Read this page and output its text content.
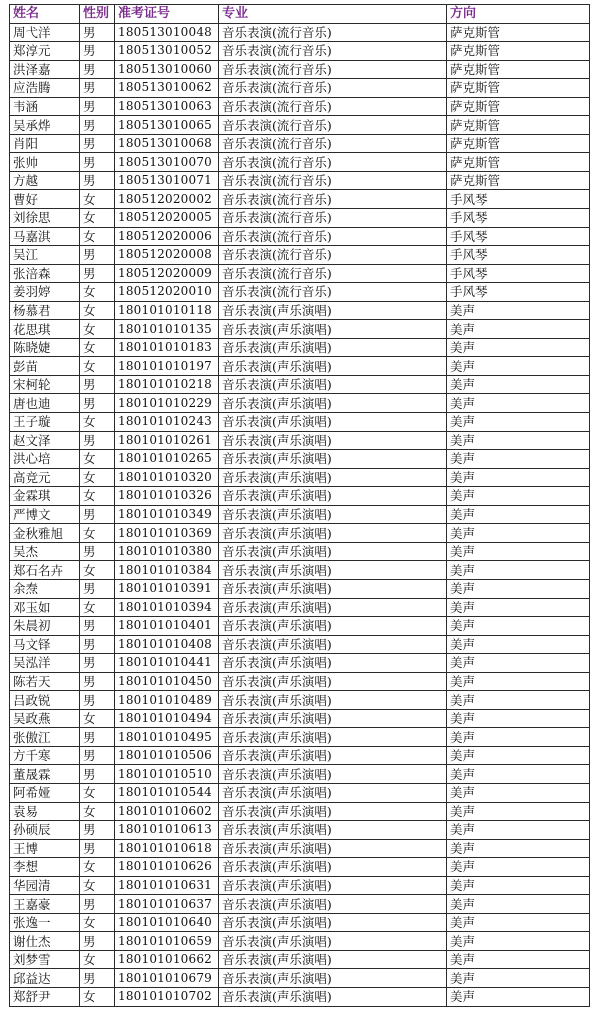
姓名	性别	准考证号	专业	方向
周弋洋	男	180513010048	音乐表演(流行音乐)	萨克斯管
郑淳元	男	180513010052	音乐表演(流行音乐)	萨克斯管
洪泽嘉	男	180513010060	音乐表演(流行音乐)	萨克斯管
应浩腾	男	180513010062	音乐表演(流行音乐)	萨克斯管
韦涵	男	180513010063	音乐表演(流行音乐)	萨克斯管
吴承烨	男	180513010065	音乐表演(流行音乐)	萨克斯管
肖阳	男	180513010068	音乐表演(流行音乐)	萨克斯管
张帅	男	180513010070	音乐表演(流行音乐)	萨克斯管
方越	男	180513010071	音乐表演(流行音乐)	萨克斯管
曹好	女	180512020002	音乐表演(流行音乐)	手风琴
刘徐思	女	180512020005	音乐表演(流行音乐)	手风琴
马嘉淇	女	180512020006	音乐表演(流行音乐)	手风琴
吴江	男	180512020008	音乐表演(流行音乐)	手风琴
张涪森	男	180512020009	音乐表演(流行音乐)	手风琴
姜羽婷	女	180512020010	音乐表演(流行音乐)	手风琴
杨慕君	女	180101010118	音乐表演(声乐演唱)	美声
花思琪	女	180101010135	音乐表演(声乐演唱)	美声
陈晓婕	女	180101010183	音乐表演(声乐演唱)	美声
彭苗	女	180101010197	音乐表演(声乐演唱)	美声
宋柯轮	男	180101010218	音乐表演(声乐演唱)	美声
唐也迪	男	180101010229	音乐表演(声乐演唱)	美声
王子璇	女	180101010243	音乐表演(声乐演唱)	美声
赵文泽	男	180101010261	音乐表演(声乐演唱)	美声
洪心培	女	180101010265	音乐表演(声乐演唱)	美声
高竞元	女	180101010320	音乐表演(声乐演唱)	美声
金霖琪	女	180101010326	音乐表演(声乐演唱)	美声
严博文	男	180101010349	音乐表演(声乐演唱)	美声
金秋雅旭	女	180101010369	音乐表演(声乐演唱)	美声
吴杰	男	180101010380	音乐表演(声乐演唱)	美声
郑石名卉	女	180101010384	音乐表演(声乐演唱)	美声
余焘	男	180101010391	音乐表演(声乐演唱)	美声
邓玉如	女	180101010394	音乐表演(声乐演唱)	美声
朱晨初	男	180101010401	音乐表演(声乐演唱)	美声
马文铎	男	180101010408	音乐表演(声乐演唱)	美声
吴泓洋	男	180101010441	音乐表演(声乐演唱)	美声
陈若天	男	180101010450	音乐表演(声乐演唱)	美声
吕政锐	男	180101010489	音乐表演(声乐演唱)	美声
吴政燕	女	180101010494	音乐表演(声乐演唱)	美声
张傲江	男	180101010495	音乐表演(声乐演唱)	美声
方千寒	男	180101010506	音乐表演(声乐演唱)	美声
董晟霖	男	180101010510	音乐表演(声乐演唱)	美声
阿希娅	女	180101010544	音乐表演(声乐演唱)	美声
袁易	女	180101010602	音乐表演(声乐演唱)	美声
孙硕辰	男	180101010613	音乐表演(声乐演唱)	美声
王博	男	180101010618	音乐表演(声乐演唱)	美声
李想	女	180101010626	音乐表演(声乐演唱)	美声
华园清	女	180101010631	音乐表演(声乐演唱)	美声
王嘉豪	男	180101010637	音乐表演(声乐演唱)	美声
张逸一	女	180101010640	音乐表演(声乐演唱)	美声
谢仕杰	男	180101010659	音乐表演(声乐演唱)	美声
刘梦雪	女	180101010662	音乐表演(声乐演唱)	美声
邱益达	男	180101010679	音乐表演(声乐演唱)	美声
郑舒尹	女	180101010702	音乐表演(声乐演唱)	美声
